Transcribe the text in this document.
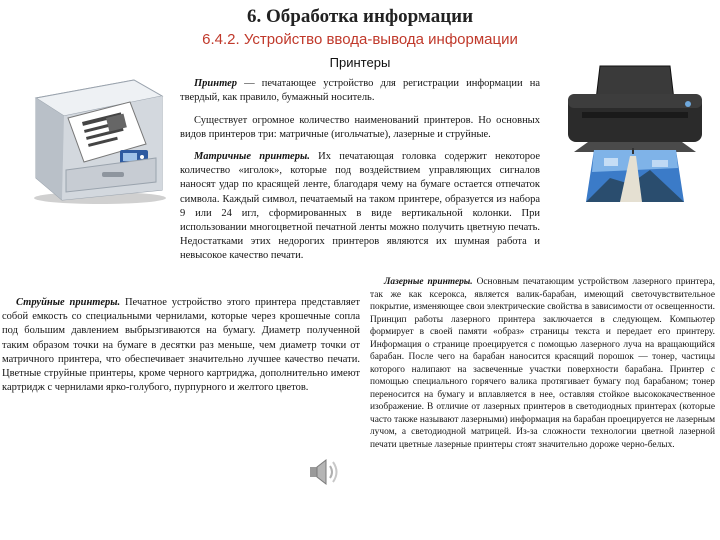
6. Обработка информации
6.4.2. Устройство ввода-вывода информации
Принтеры

Принтер — печатающее устройство для регистрации информации на твердый, как правило, бумажный носитель.

Существует огромное количество наименований принтеров. Но основных видов принтеров три: матричные (игольчатые), лазерные и струйные.

Матричные принтеры. Их печатающая головка содержит некоторое количество «иголок», которые под воздействием управляющих сигналов наносят удар по красящей ленте, благодаря чему на бумаге остается отпечаток символа. Каждый символ, печатаемый на таком принтере, образуется из набора 9 или 24 игл, сформированных в виде вертикальной колонки. При использовании многоцветной печатной ленты можно получить цветную печать. Недостатками этих недорогих принтеров являются их шумная работа и невысокое качество печати.

Струйные принтеры. Печатное устройство этого принтера представляет собой емкость со специальными чернилами, которые через крошечные сопла под большим давлением выбрызгиваются на бумагу. Диаметр полученной таким образом точки на бумаге в десятки раз меньше, чем диаметр точки от матричного принтера, что обеспечивает значительно лучшее качество печати. Цветные струйные принтеры, кроме черного картриджа, дополнительно имеют картридж с чернилами ярко-голубого, пурпурного и желтого цветов.

Лазерные принтеры. Основным печатающим устройством лазерного принтера, так же как ксерокса, является валик-барабан, имеющий светочувствительное покрытие, изменяющее свои электрические свойства в зависимости от освещенности. Принцип работы лазерного принтера заключается в следующем. Компьютер формирует в своей памяти «образ» страницы текста и передает его принтеру. Информация о странице проецируется с помощью лазерного луча на вращающийся барабан. После чего на барабан наносится красящий порошок — тонер, частицы которого налипают на засвеченные участки поверхности барабана. Принтер с помощью специального горячего валика протягивает бумагу под барабаном; тонер переносится на бумагу и вплавляется в нее, оставляя стойкое высококачественное изображение. В отличие от лазерных принтеров в светодиодных принтерах (которые часто также называют лазерными) информация на барабан проецируется не лазерным лучом, а светодиодной матрицей. Из-за сложности технологии цветной лазерной печати цветные лазерные принтеры стоят значительно дороже черно-белых.
